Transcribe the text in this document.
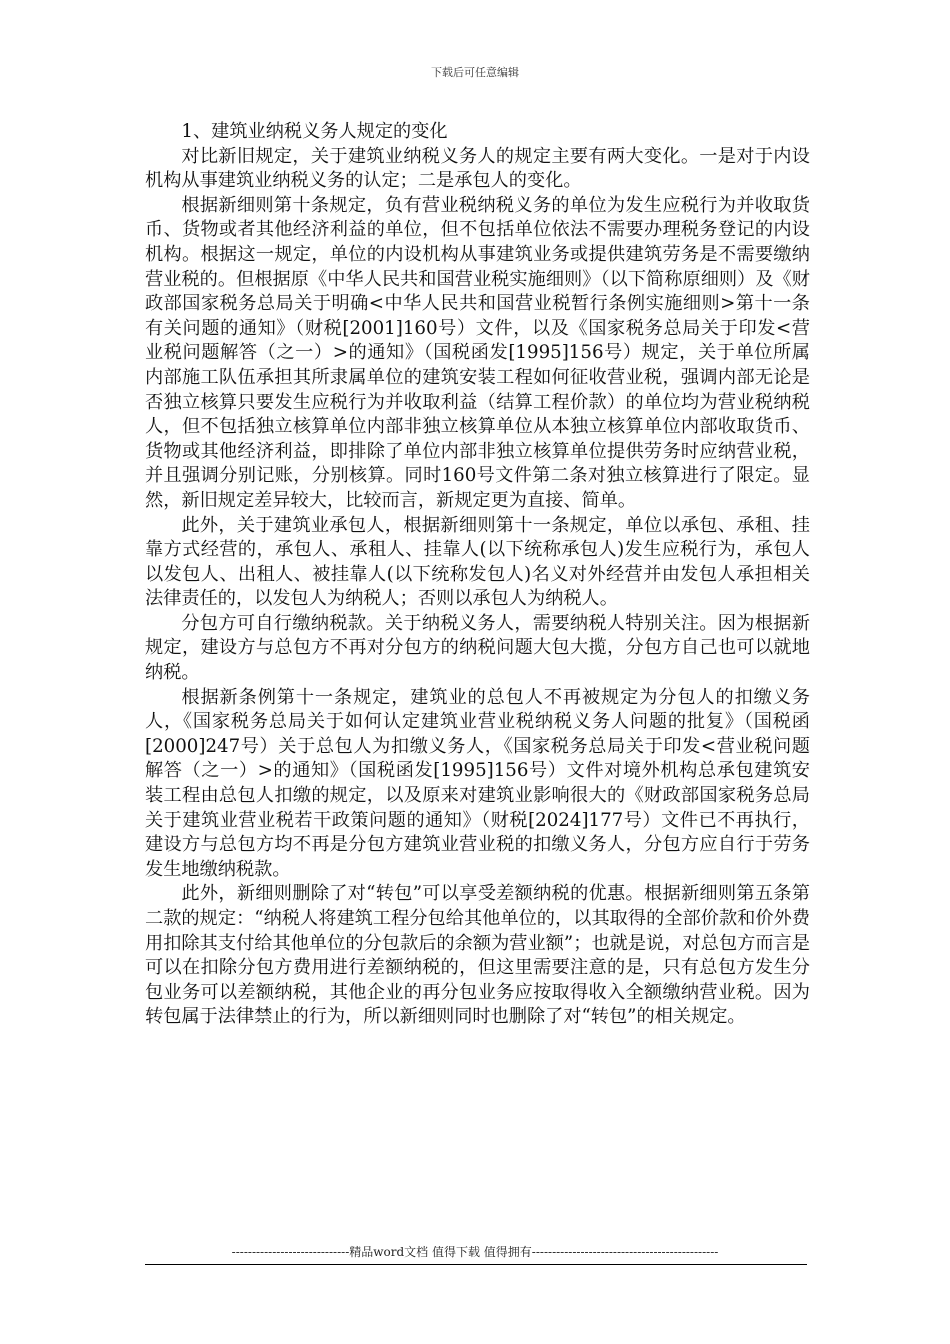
下载后可任意编辑

1、建筑业纳税义务人规定的变化

对比新旧规定，关于建筑业纳税义务人的规定主要有两大变化。一是对于内设机构从事建筑业纳税义务的认定；二是承包人的变化。

根据新细则第十条规定，负有营业税纳税义务的单位为发生应税行为并收取货币、货物或者其他经济利益的单位，但不包括单位依法不需要办理税务登记的内设机构。根据这一规定，单位的内设机构从事建筑业务或提供建筑劳务是不需要缴纳营业税的。但根据原《中华人民共和国营业税实施细则》（以下简称原细则）及《财政部国家税务总局关于明确<中华人民共和国营业税暂行条例实施细则>第十一条有关问题的通知》（财税[2001]160号）文件，以及《国家税务总局关于印发<营业税问题解答（之一）>的通知》（国税函发[1995]156号）规定，关于单位所属内部施工队伍承担其所隶属单位的建筑安装工程如何征收营业税，强调内部无论是否独立核算只要发生应税行为并收取利益（结算工程价款）的单位均为营业税纳税人，但不包括独立核算单位内部非独立核算单位从本独立核算单位内部收取货币、货物或其他经济利益，即排除了单位内部非独立核算单位提供劳务时应纳营业税，并且强调分别记账，分别核算。同时160号文件第二条对独立核算进行了限定。显然，新旧规定差异较大，比较而言，新规定更为直接、简单。

此外，关于建筑业承包人，根据新细则第十一条规定，单位以承包、承租、挂靠方式经营的，承包人、承租人、挂靠人(以下统称承包人)发生应税行为，承包人以发包人、出租人、被挂靠人(以下统称发包人)名义对外经营并由发包人承担相关法律责任的，以发包人为纳税人；否则以承包人为纳税人。

分包方可自行缴纳税款。关于纳税义务人，需要纳税人特别关注。因为根据新规定，建设方与总包方不再对分包方的纳税问题大包大揽，分包方自己也可以就地纳税。

根据新条例第十一条规定，建筑业的总包人不再被规定为分包人的扣缴义务人，《国家税务总局关于如何认定建筑业营业税纳税义务人问题的批复》（国税函[2000]247号）关于总包人为扣缴义务人，《国家税务总局关于印发<营业税问题解答（之一）>的通知》（国税函发[1995]156号）文件对境外机构总承包建筑安装工程由总包人扣缴的规定，以及原来对建筑业影响很大的《财政部国家税务总局关于建筑业营业税若干政策问题的通知》（财税[2024]177号）文件已不再执行，建设方与总包方均不再是分包方建筑业营业税的扣缴义务人，分包方应自行于劳务发生地缴纳税款。

此外，新细则删除了对“转包”可以享受差额纳税的优惠。根据新细则第五条第二款的规定：“纳税人将建筑工程分包给其他单位的，以其取得的全部价款和价外费用扣除其支付给其他单位的分包款后的余额为营业额”；也就是说，对总包方而言是可以在扣除分包方费用进行差额纳税的，但这里需要注意的是，只有总包方发生分包业务可以差额纳税，其他企业的再分包业务应按取得收入全额缴纳营业税。因为转包属于法律禁止的行为，所以新细则同时也删除了对“转包”的相关规定。

-----------------------------精品word文档 值得下载 值得拥有----------------------------------------------
